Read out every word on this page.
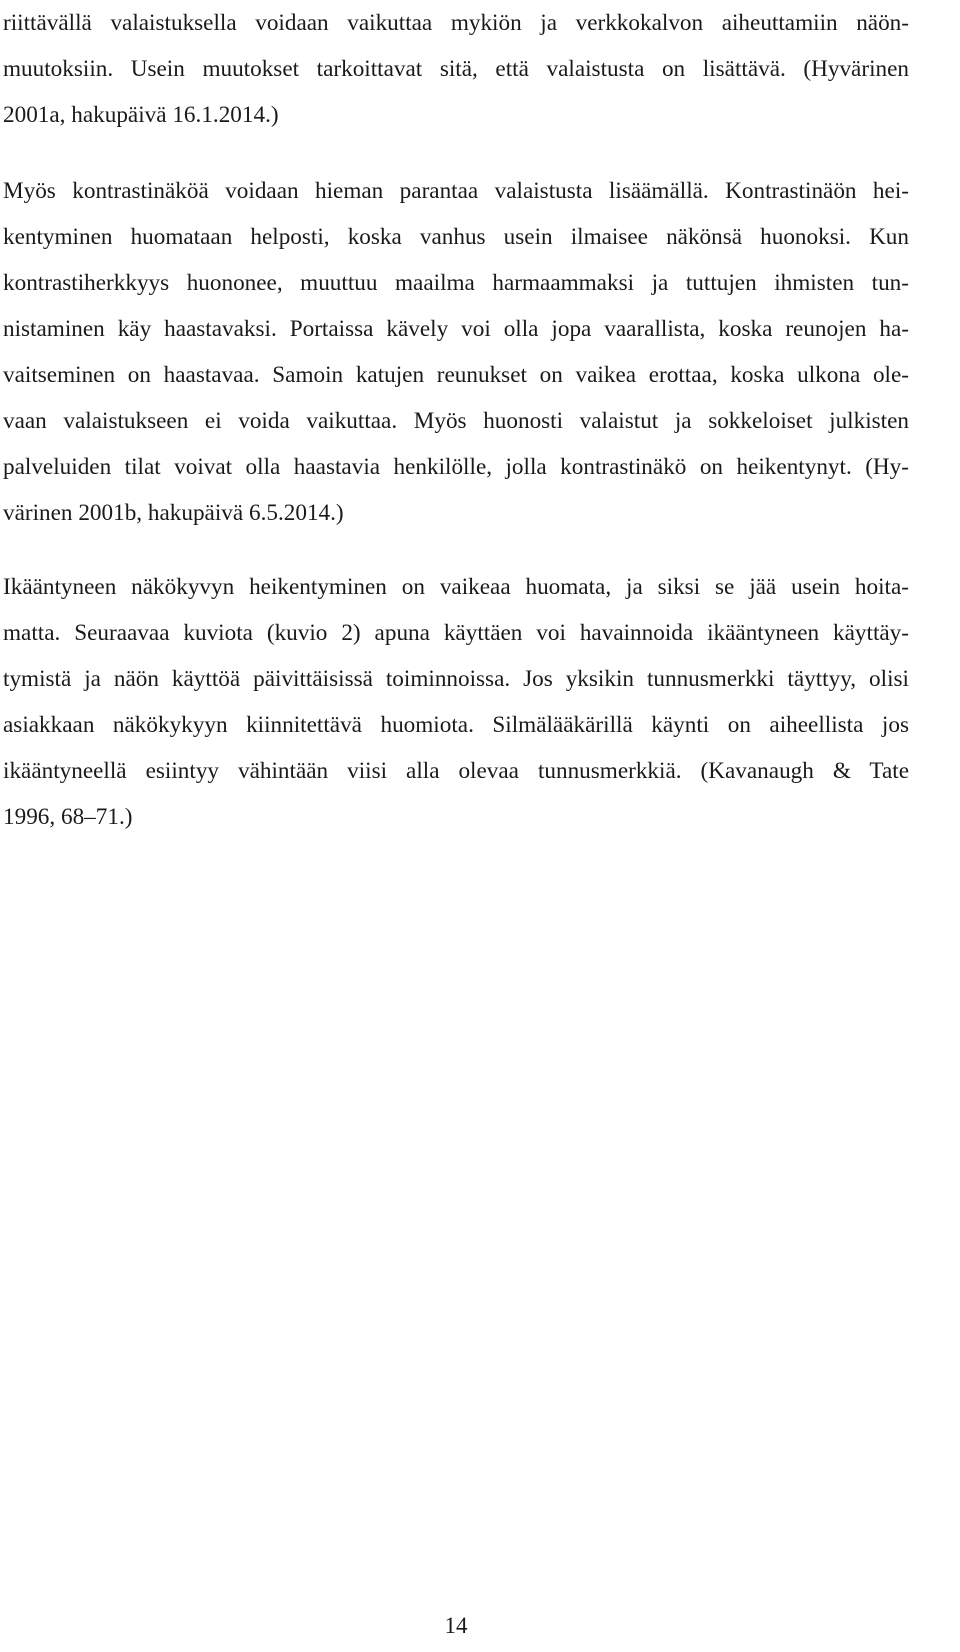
riittävällä valaistuksella voidaan vaikuttaa mykiön ja verkkokalvon aiheuttamiin näön-
muutoksiin. Usein muutokset tarkoittavat sitä, että valaistusta on lisättävä. (Hyvärinen
2001a, hakupäivä 16.1.2014.)
Myös kontrastinäköä voidaan hieman parantaa valaistusta lisäämällä. Kontrastinäön hei-
kentyminen huomataan helposti, koska vanhus usein ilmaisee näkönsä huonoksi. Kun
kontrastiherkkyys huononee, muuttuu maailma harmaammaksi ja tuttujen ihmisten tun-
nistaminen käy haastavaksi. Portaissa kävely voi olla jopa vaarallista, koska reunojen ha-
vaitseminen on haastavaa. Samoin katujen reunukset on vaikea erottaa, koska ulkona ole-
vaan valaistukseen ei voida vaikuttaa. Myös huonosti valaistut ja sokkeloiset julkisten
palveluiden tilat voivat olla haastavia henkilölle, jolla kontrastinäkö on heikentynyt. (Hy-
värinen 2001b, hakupäivä 6.5.2014.)
Ikääntyneen näkökyvyn heikentyminen on vaikeaa huomata, ja siksi se jää usein hoita-
matta. Seuraavaa kuviota (kuvio 2) apuna käyttäen voi havainnoida ikääntyneen käyttäy-
tymistä ja näön käyttöä päivittäisissä toiminnoissa. Jos yksikin tunnusmerkki täyttyy, olisi
asiakkaan näkökykyyn kiinnitettävä huomiota. Silmälääkärillä käynti on aiheellista jos
ikääntyneellä esiintyy vähintään viisi alla olevaa tunnusmerkkiä. (Kavanaugh & Tate
1996, 68–71.)
14
